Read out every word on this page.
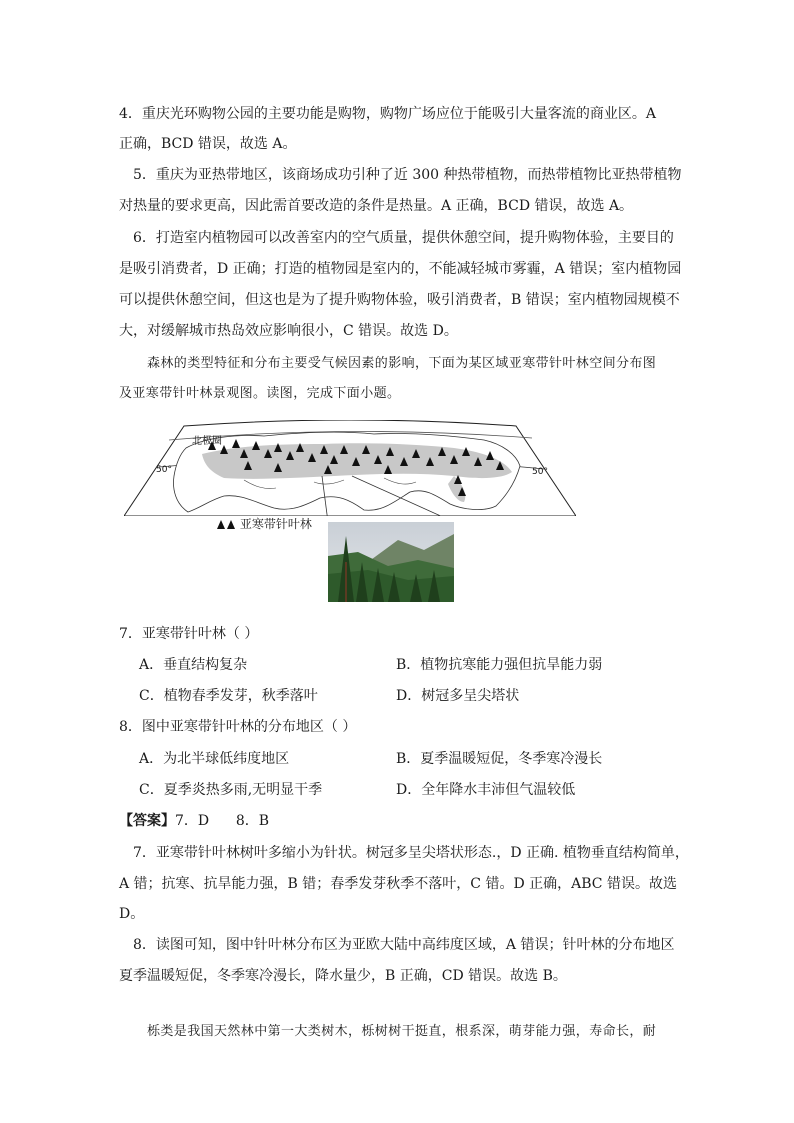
4．重庆光环购物公园的主要功能是购物，购物广场应位于能吸引大量客流的商业区。A
正确，BCD 错误，故选 A。
5．重庆为亚热带地区，该商场成功引种了近 300 种热带植物，而热带植物比亚热带植物
对热量的要求更高，因此需首要改造的条件是热量。A 正确，BCD 错误，故选 A。
6．打造室内植物园可以改善室内的空气质量，提供休憩空间，提升购物体验，主要目的
是吸引消费者，D 正确；打造的植物园是室内的，不能减轻城市雾霾，A 错误；室内植物园
可以提供休憩空间，但这也是为了提升购物体验，吸引消费者，B 错误；室内植物园规模不
大，对缓解城市热岛效应影响很小，C 错误。故选 D。
森林的类型特征和分布主要受气候因素的影响，下面为某区域亚寒带针叶林空间分布图
及亚寒带针叶林景观图。读图，完成下面小题。
北极圈
50°	50°
亚寒带针叶林
7．亚寒带针叶林（ ）
A．垂直结构复杂	B．植物抗寒能力强但抗旱能力弱
C．植物春季发芽，秋季落叶	D．树冠多呈尖塔状
8．图中亚寒带针叶林的分布地区（ ）
A．为北半球低纬度地区	B．夏季温暖短促，冬季寒冷漫长
C．夏季炎热多雨,无明显干季	D．全年降水丰沛但气温较低
【答案】7．D      8．B
7．亚寒带针叶林树叶多缩小为针状。树冠多呈尖塔状形态.，D 正确. 植物垂直结构简单，
A 错；抗寒、抗旱能力强，B 错；春季发芽秋季不落叶，C 错。D 正确，ABC 错误。故选
D。
8．读图可知，图中针叶林分布区为亚欧大陆中高纬度区域，A 错误；针叶林的分布地区
夏季温暖短促，冬季寒冷漫长，降水量少，B 正确，CD 错误。故选 B。
栎类是我国天然林中第一大类树木，栎树树干挺直，根系深，萌芽能力强，寿命长，耐
